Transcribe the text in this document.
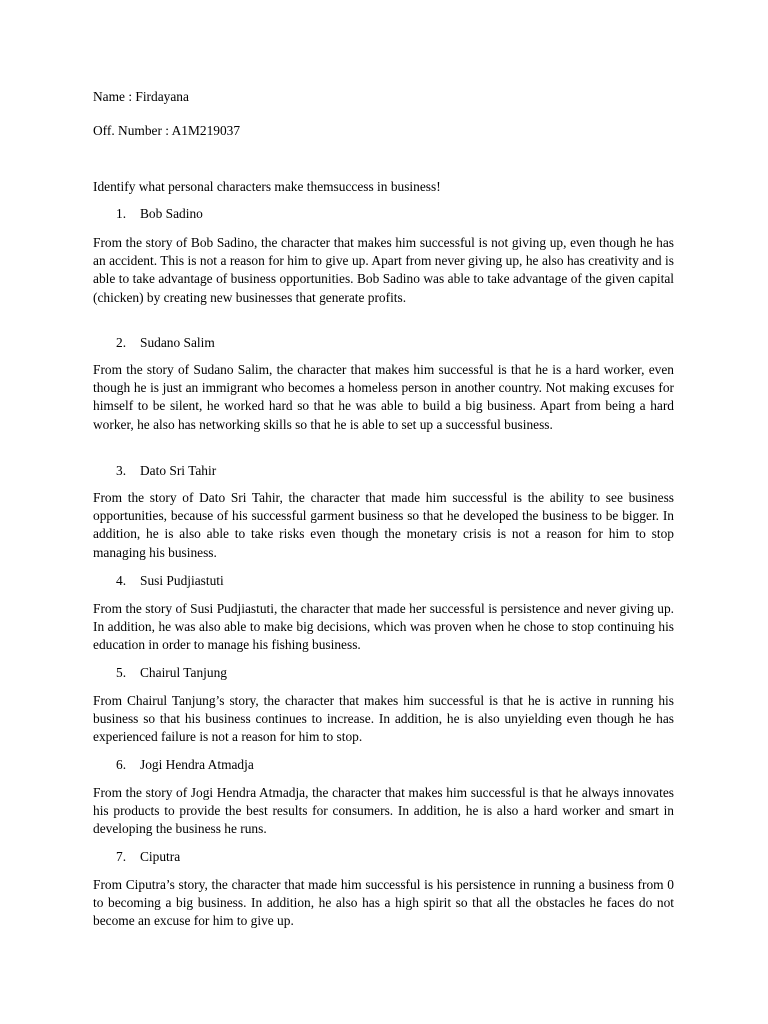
Name : Firdayana
Off. Number : A1M219037
Identify what personal characters make themsuccess in business!
1. Bob Sadino
From the story of Bob Sadino, the character that makes him successful is not giving up, even though he has an accident. This is not a reason for him to give up. Apart from never giving up, he also has creativity and is able to take advantage of business opportunities. Bob Sadino was able to take advantage of the given capital (chicken) by creating new businesses that generate profits.
2. Sudano Salim
From the story of Sudano Salim, the character that makes him successful is that he is a hard worker, even though he is just an immigrant who becomes a homeless person in another country. Not making excuses for himself to be silent, he worked hard so that he was able to build a big business. Apart from being a hard worker, he also has networking skills so that he is able to set up a successful business.
3. Dato Sri Tahir
From the story of Dato Sri Tahir, the character that made him successful is the ability to see business opportunities, because of his successful garment business so that he developed the business to be bigger. In addition, he is also able to take risks even though the monetary crisis is not a reason for him to stop managing his business.
4. Susi Pudjiastuti
From the story of Susi Pudjiastuti, the character that made her successful is persistence and never giving up. In addition, he was also able to make big decisions, which was proven when he chose to stop continuing his education in order to manage his fishing business.
5. Chairul Tanjung
From Chairul Tanjung’s story, the character that makes him successful is that he is active in running his business so that his business continues to increase. In addition, he is also unyielding even though he has experienced failure is not a reason for him to stop.
6. Jogi Hendra Atmadja
From the story of Jogi Hendra Atmadja, the character that makes him successful is that he always innovates his products to provide the best results for consumers. In addition, he is also a hard worker and smart in developing the business he runs.
7. Ciputra
From Ciputra’s story, the character that made him successful is his persistence in running a business from 0 to becoming a big business. In addition, he also has a high spirit so that all the obstacles he faces do not become an excuse for him to give up.
